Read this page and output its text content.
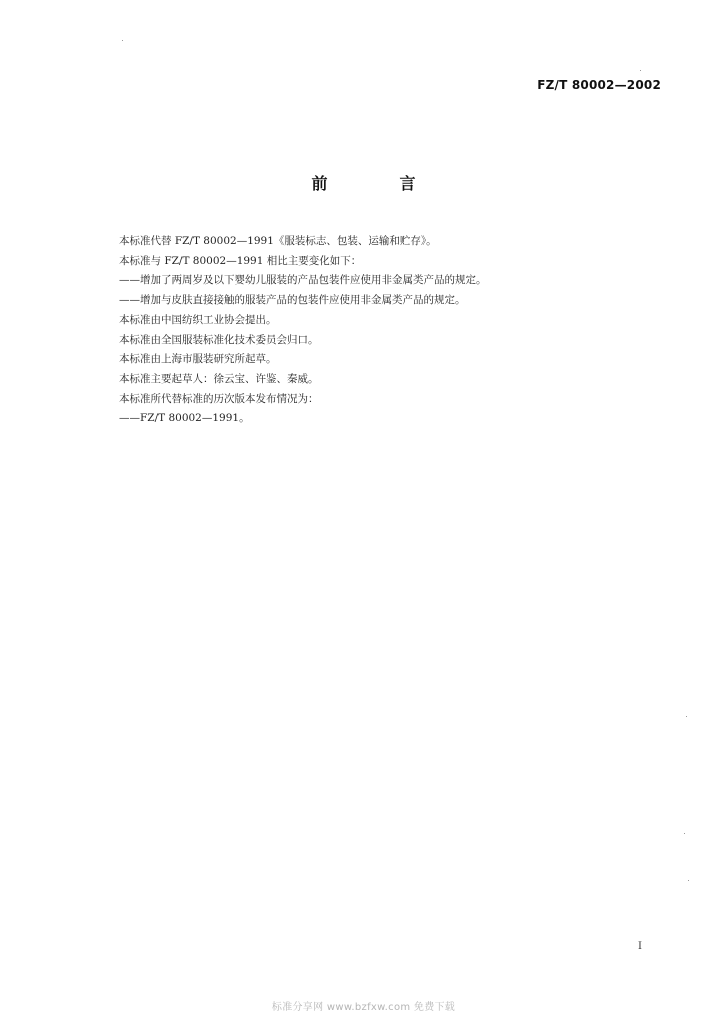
FZ/T 80002—2002
前　言
本标准代替 FZ/T 80002—1991《服装标志、包装、运输和贮存》。
本标准与 FZ/T 80002—1991 相比主要变化如下：
——增加了两周岁及以下婴幼儿服装的产品包装件应使用非金属类产品的规定。
——增加与皮肤直接接触的服装产品的包装件应使用非金属类产品的规定。
本标准由中国纺织工业协会提出。
本标准由全国服装标准化技术委员会归口。
本标准由上海市服装研究所起草。
本标准主要起草人：徐云宝、许鉴、秦威。
本标准所代替标准的历次版本发布情况为：
——FZ/T 80002—1991。
I
标准分享网 www.bzfxw.com 免费下载
